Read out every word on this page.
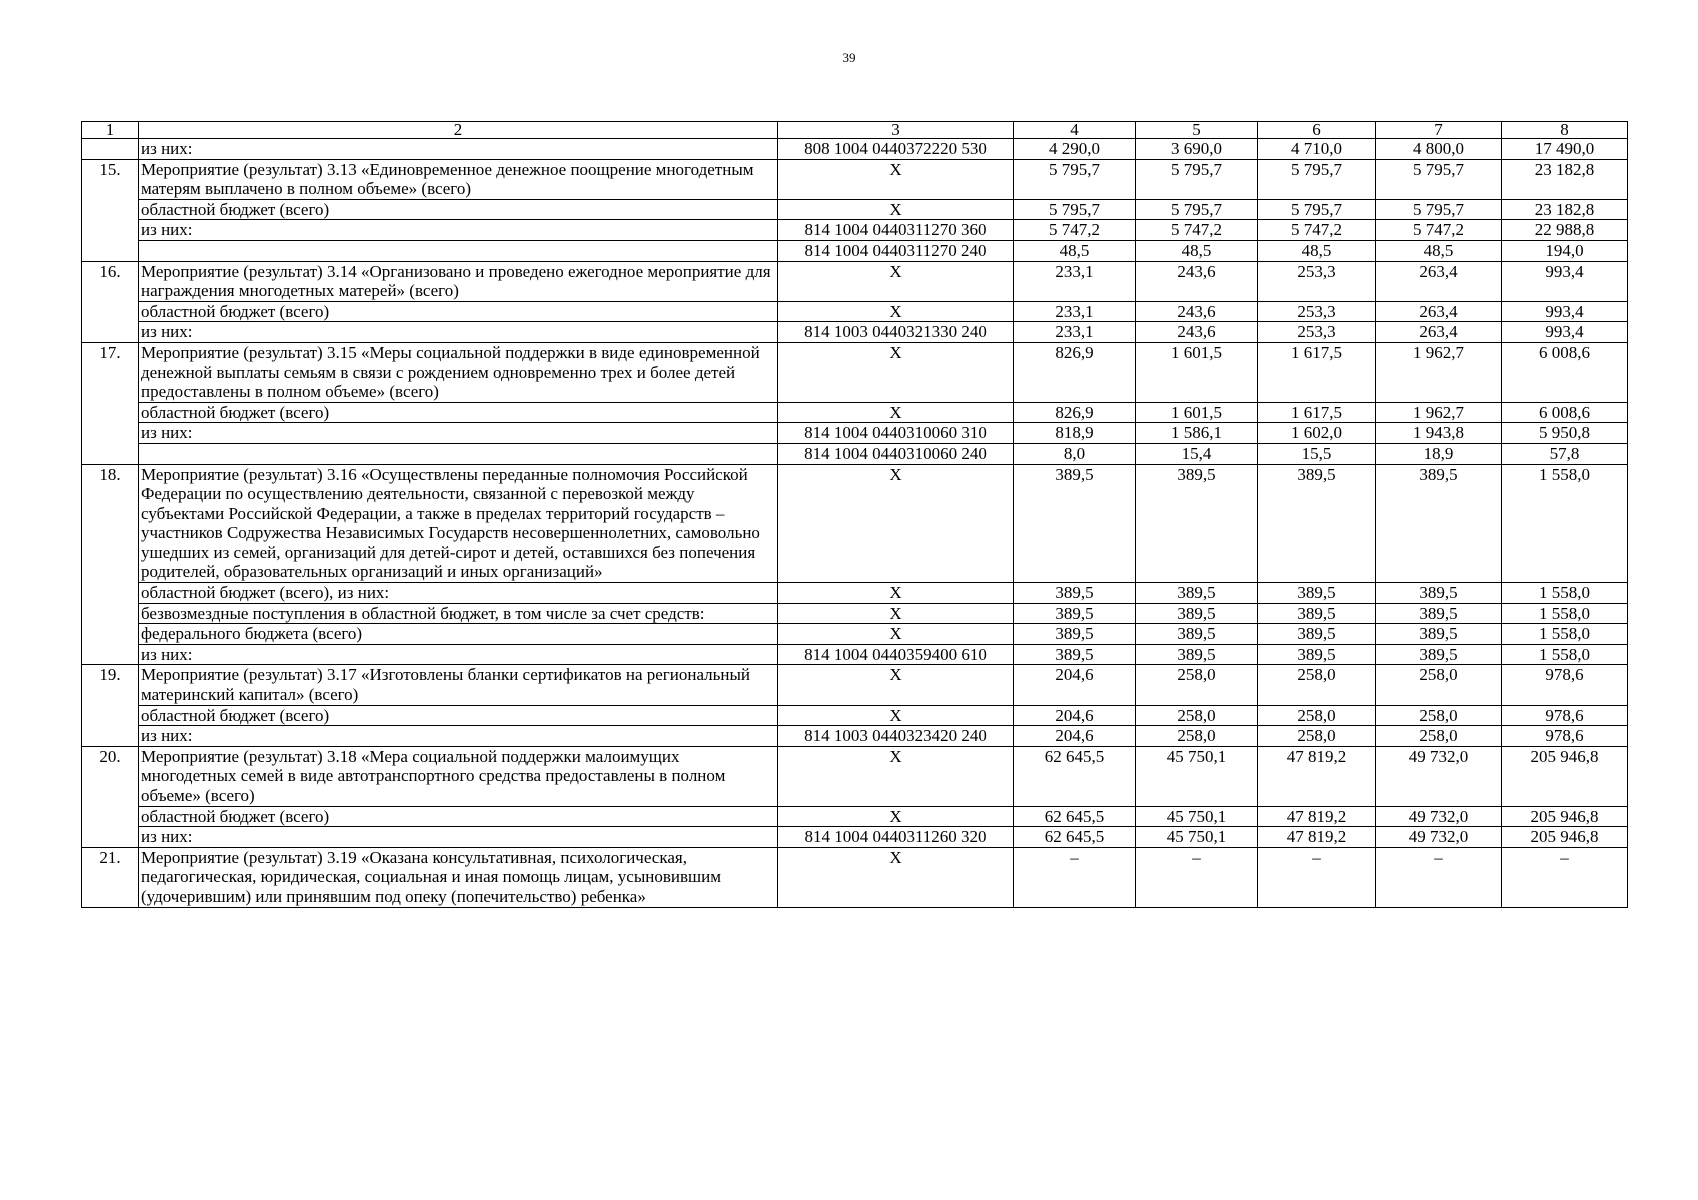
39
1	2	3	4	5	6	7	8
	из них:	808 1004 0440372220 530	4 290,0	3 690,0	4 710,0	4 800,0	17 490,0
15.	Мероприятие (результат) 3.13 «Единовременное денежное поощрение многодетным матерям выплачено в полном объеме» (всего)	Х	5 795,7	5 795,7	5 795,7	5 795,7	23 182,8
	областной бюджет (всего)	Х	5 795,7	5 795,7	5 795,7	5 795,7	23 182,8
	из них:	814 1004 0440311270 360	5 747,2	5 747,2	5 747,2	5 747,2	22 988,8
		814 1004 0440311270 240	48,5	48,5	48,5	48,5	194,0
16.	Мероприятие (результат) 3.14 «Организовано и проведено ежегодное мероприятие для награждения многодетных матерей» (всего)	Х	233,1	243,6	253,3	263,4	993,4
	областной бюджет (всего)	Х	233,1	243,6	253,3	263,4	993,4
	из них:	814 1003 0440321330 240	233,1	243,6	253,3	263,4	993,4
17.	Мероприятие (результат) 3.15 «Меры социальной поддержки в виде единовременной денежной выплаты семьям в связи с рождением одновременно трех и более детей предоставлены в полном объеме» (всего)	Х	826,9	1 601,5	1 617,5	1 962,7	6 008,6
	областной бюджет (всего)	Х	826,9	1 601,5	1 617,5	1 962,7	6 008,6
	из них:	814 1004 0440310060 310	818,9	1 586,1	1 602,0	1 943,8	5 950,8
		814 1004 0440310060 240	8,0	15,4	15,5	18,9	57,8
18.	Мероприятие (результат) 3.16 «Осуществлены переданные полномочия Российской Федерации по осуществлению деятельности, связанной с перевозкой между субъектами Российской Федерации, а также в пределах территорий государств – участников Содружества Независимых Государств несовершеннолетних, самовольно ушедших из семей, организаций для детей-сирот и детей, оставшихся без попечения родителей, образовательных организаций и иных организаций»	Х	389,5	389,5	389,5	389,5	1 558,0
	областной бюджет (всего), из них:	Х	389,5	389,5	389,5	389,5	1 558,0
	безвозмездные поступления в областной бюджет, в том числе за счет средств:	Х	389,5	389,5	389,5	389,5	1 558,0
	федерального бюджета (всего)	Х	389,5	389,5	389,5	389,5	1 558,0
	из них:	814 1004 0440359400 610	389,5	389,5	389,5	389,5	1 558,0
19.	Мероприятие (результат) 3.17 «Изготовлены бланки сертификатов на региональный материнский капитал» (всего)	Х	204,6	258,0	258,0	258,0	978,6
	областной бюджет (всего)	Х	204,6	258,0	258,0	258,0	978,6
	из них:	814 1003 0440323420 240	204,6	258,0	258,0	258,0	978,6
20.	Мероприятие (результат) 3.18 «Мера социальной поддержки малоимущих многодетных семей в виде автотранспортного средства предоставлены в полном объеме» (всего)	Х	62 645,5	45 750,1	47 819,2	49 732,0	205 946,8
	областной бюджет (всего)	Х	62 645,5	45 750,1	47 819,2	49 732,0	205 946,8
	из них:	814 1004 0440311260 320	62 645,5	45 750,1	47 819,2	49 732,0	205 946,8
21.	Мероприятие (результат) 3.19 «Оказана консультативная, психологическая, педагогическая, юридическая, социальная и иная помощь лицам, усыновившим (удочерившим) или принявшим под опеку (попечительство) ребенка»	Х	–	–	–	–	–
